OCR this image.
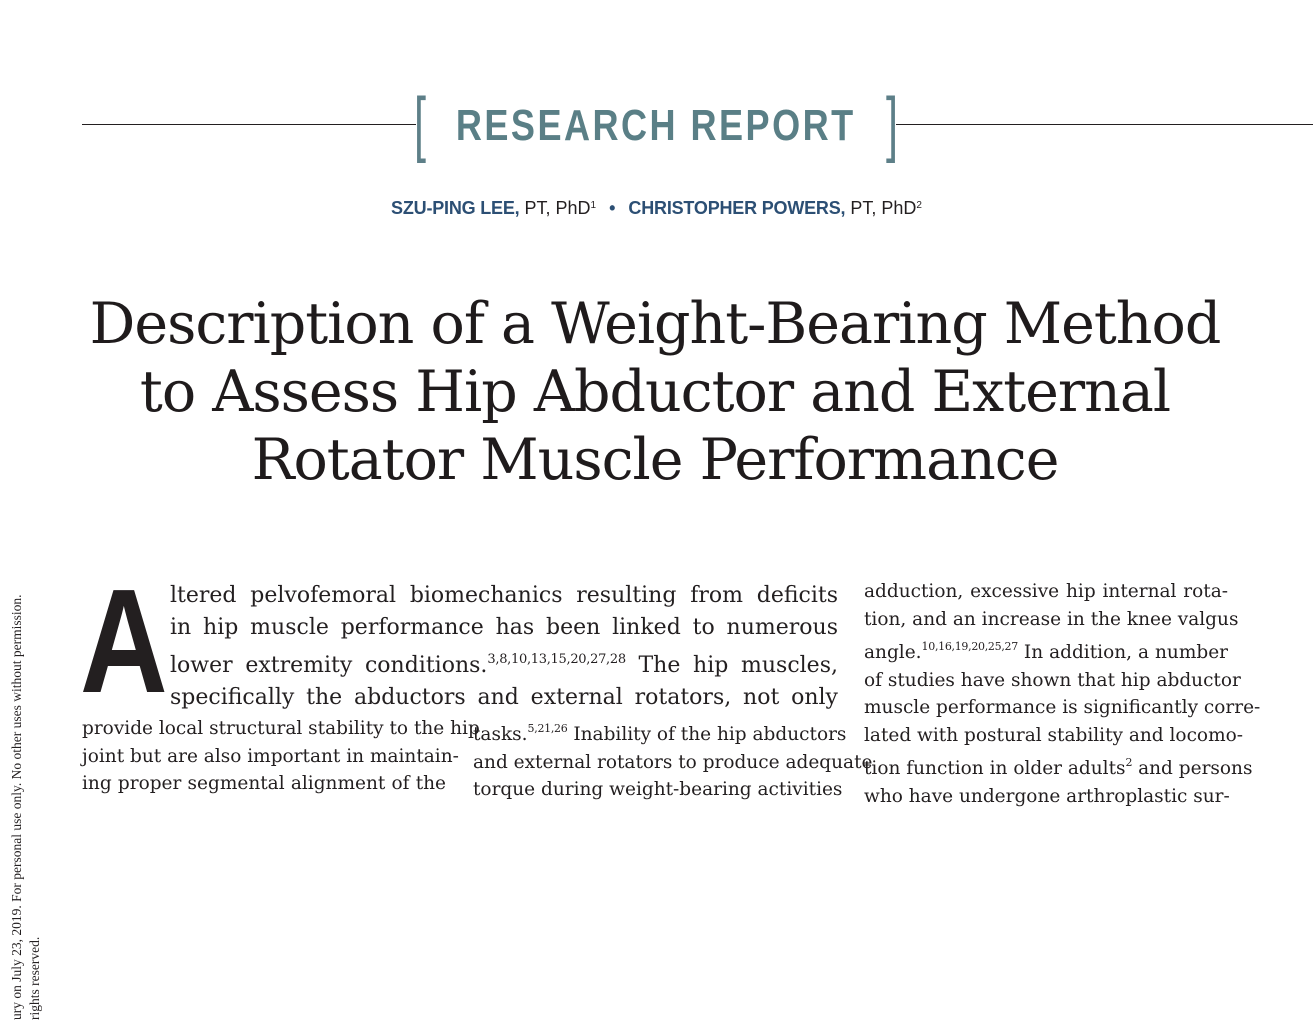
ury on July 23, 2019. For personal use only. No other uses without permission. rights reserved.
[ RESEARCH REPORT ]
SZU-PING LEE, PT, PhD$^1$ • CHRISTOPHER POWERS, PT, PhD$^2$
Description of a Weight-Bearing Method
to Assess Hip Abductor and External
Rotator Muscle Performance
A ltered pelvofemoral biomechanics resulting from deficits
in hip muscle performance has been linked to numerous
lower extremity conditions.$^{3,8,10,13,15,20,27,28}$ The hip muscles,
specifically the abductors and external rotators, not only
provide local structural stability to the hip
joint but are also important in maintain-
ing proper segmental alignment of the
tasks.$^{5,21,26}$ Inability of the hip abductors
and external rotators to produce adequate
torque during weight-bearing activities
adduction, excessive hip internal rota-
tion, and an increase in the knee valgus
angle.$^{10,16,19,20,25,27}$ In addition, a number
of studies have shown that hip abductor
muscle performance is significantly corre-
lated with postural stability and locomo-
tion function in older adults$^2$ and persons
who have undergone arthroplastic sur-
